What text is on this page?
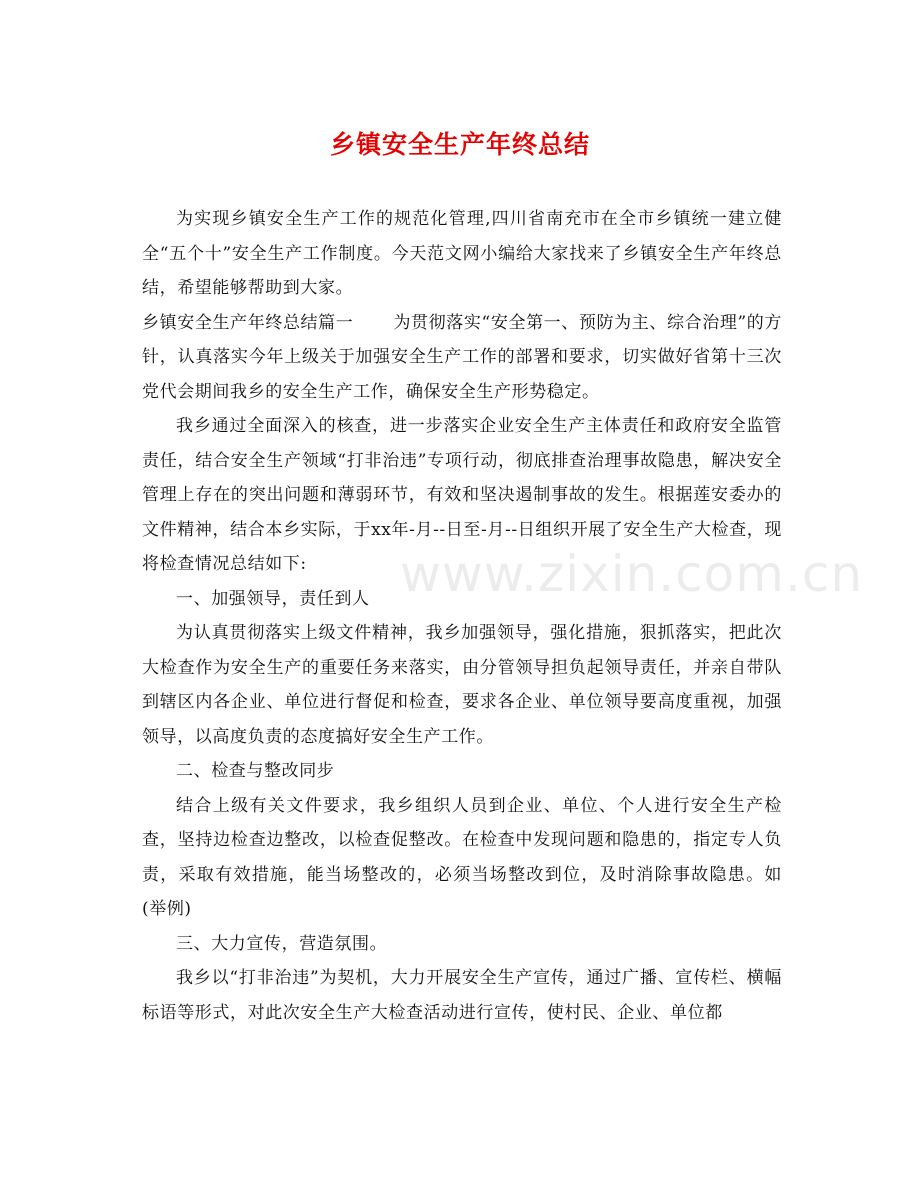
乡镇安全生产年终总结

为实现乡镇安全生产工作的规范化管理,四川省南充市在全市乡镇统一建立健全“五个十”安全生产工作制度。今天范文网小编给大家找来了乡镇安全生产年终总结，希望能够帮助到大家。

乡镇安全生产年终总结篇一 为贯彻落实“安全第一、预防为主、综合治理”的方针，认真落实今年上级关于加强安全生产工作的部署和要求，切实做好省第十三次党代会期间我乡的安全生产工作，确保安全生产形势稳定。

我乡通过全面深入的核查，进一步落实企业安全生产主体责任和政府安全监管责任，结合安全生产领域“打非治违”专项行动，彻底排查治理事故隐患，解决安全管理上存在的突出问题和薄弱环节，有效和坚决遏制事故的发生。根据莲安委办的文件精神，结合本乡实际，于xx年-月--日至-月--日组织开展了安全生产大检查，现将检查情况总结如下:

一、加强领导，责任到人

为认真贯彻落实上级文件精神，我乡加强领导，强化措施，狠抓落实，把此次大检查作为安全生产的重要任务来落实，由分管领导担负起领导责任，并亲自带队到辖区内各企业、单位进行督促和检查，要求各企业、单位领导要高度重视，加强领导，以高度负责的态度搞好安全生产工作。

二、检查与整改同步

结合上级有关文件要求，我乡组织人员到企业、单位、个人进行安全生产检查，坚持边检查边整改，以检查促整改。在检查中发现问题和隐患的，指定专人负责，采取有效措施，能当场整改的，必须当场整改到位，及时消除事故隐患。如(举例)

三、大力宣传，营造氛围。

我乡以“打非治违”为契机，大力开展安全生产宣传，通过广播、宣传栏、横幅标语等形式，对此次安全生产大检查活动进行宣传，使村民、企业、单位都

www.zixin.com.cn
